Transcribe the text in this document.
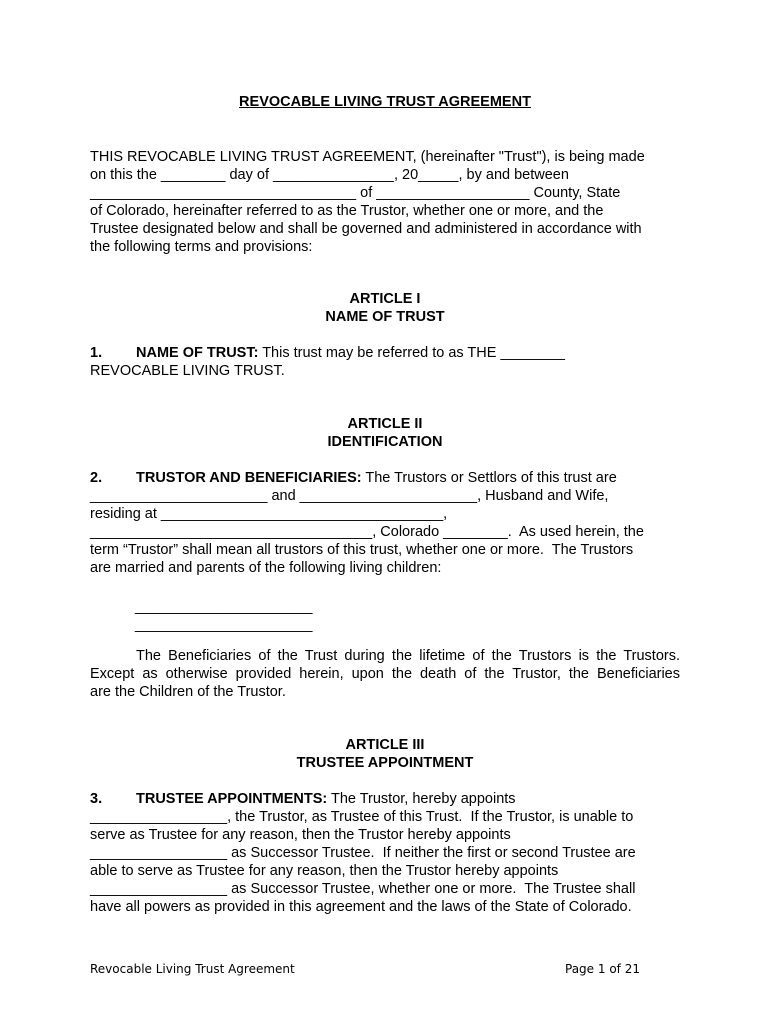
REVOCABLE LIVING TRUST AGREEMENT
THIS REVOCABLE LIVING TRUST AGREEMENT, (hereinafter "Trust"), is being made
on this the ________ day of _______________, 20_____, by and between
_________________________________ of ___________________ County, State
of Colorado, hereinafter referred to as the Trustor, whether one or more, and the
Trustee designated below and shall be governed and administered in accordance with
the following terms and provisions:
ARTICLE I
NAME OF TRUST
1. NAME OF TRUST: This trust may be referred to as THE ________
REVOCABLE LIVING TRUST.
ARTICLE II
IDENTIFICATION
2. TRUSTOR AND BENEFICIARIES: The Trustors or Settlors of this trust are
______________________ and ______________________, Husband and Wife,
residing at ___________________________________,
___________________________________, Colorado ________.  As used herein, the
term “Trustor” shall mean all trustors of this trust, whether one or more.  The Trustors
are married and parents of the following living children:
______________________
______________________
The Beneficiaries of the Trust during the lifetime of the Trustors is the Trustors.
Except as otherwise provided herein, upon the death of the Trustor, the Beneficiaries
are the Children of the Trustor.
ARTICLE III
TRUSTEE APPOINTMENT
3. TRUSTEE APPOINTMENTS: The Trustor, hereby appoints
_________________, the Trustor, as Trustee of this Trust.  If the Trustor, is unable to
serve as Trustee for any reason, then the Trustor hereby appoints
_________________ as Successor Trustee.  If neither the first or second Trustee are
able to serve as Trustee for any reason, then the Trustor hereby appoints
_________________ as Successor Trustee, whether one or more.  The Trustee shall
have all powers as provided in this agreement and the laws of the State of Colorado.
Revocable Living Trust Agreement	Page 1 of 21
